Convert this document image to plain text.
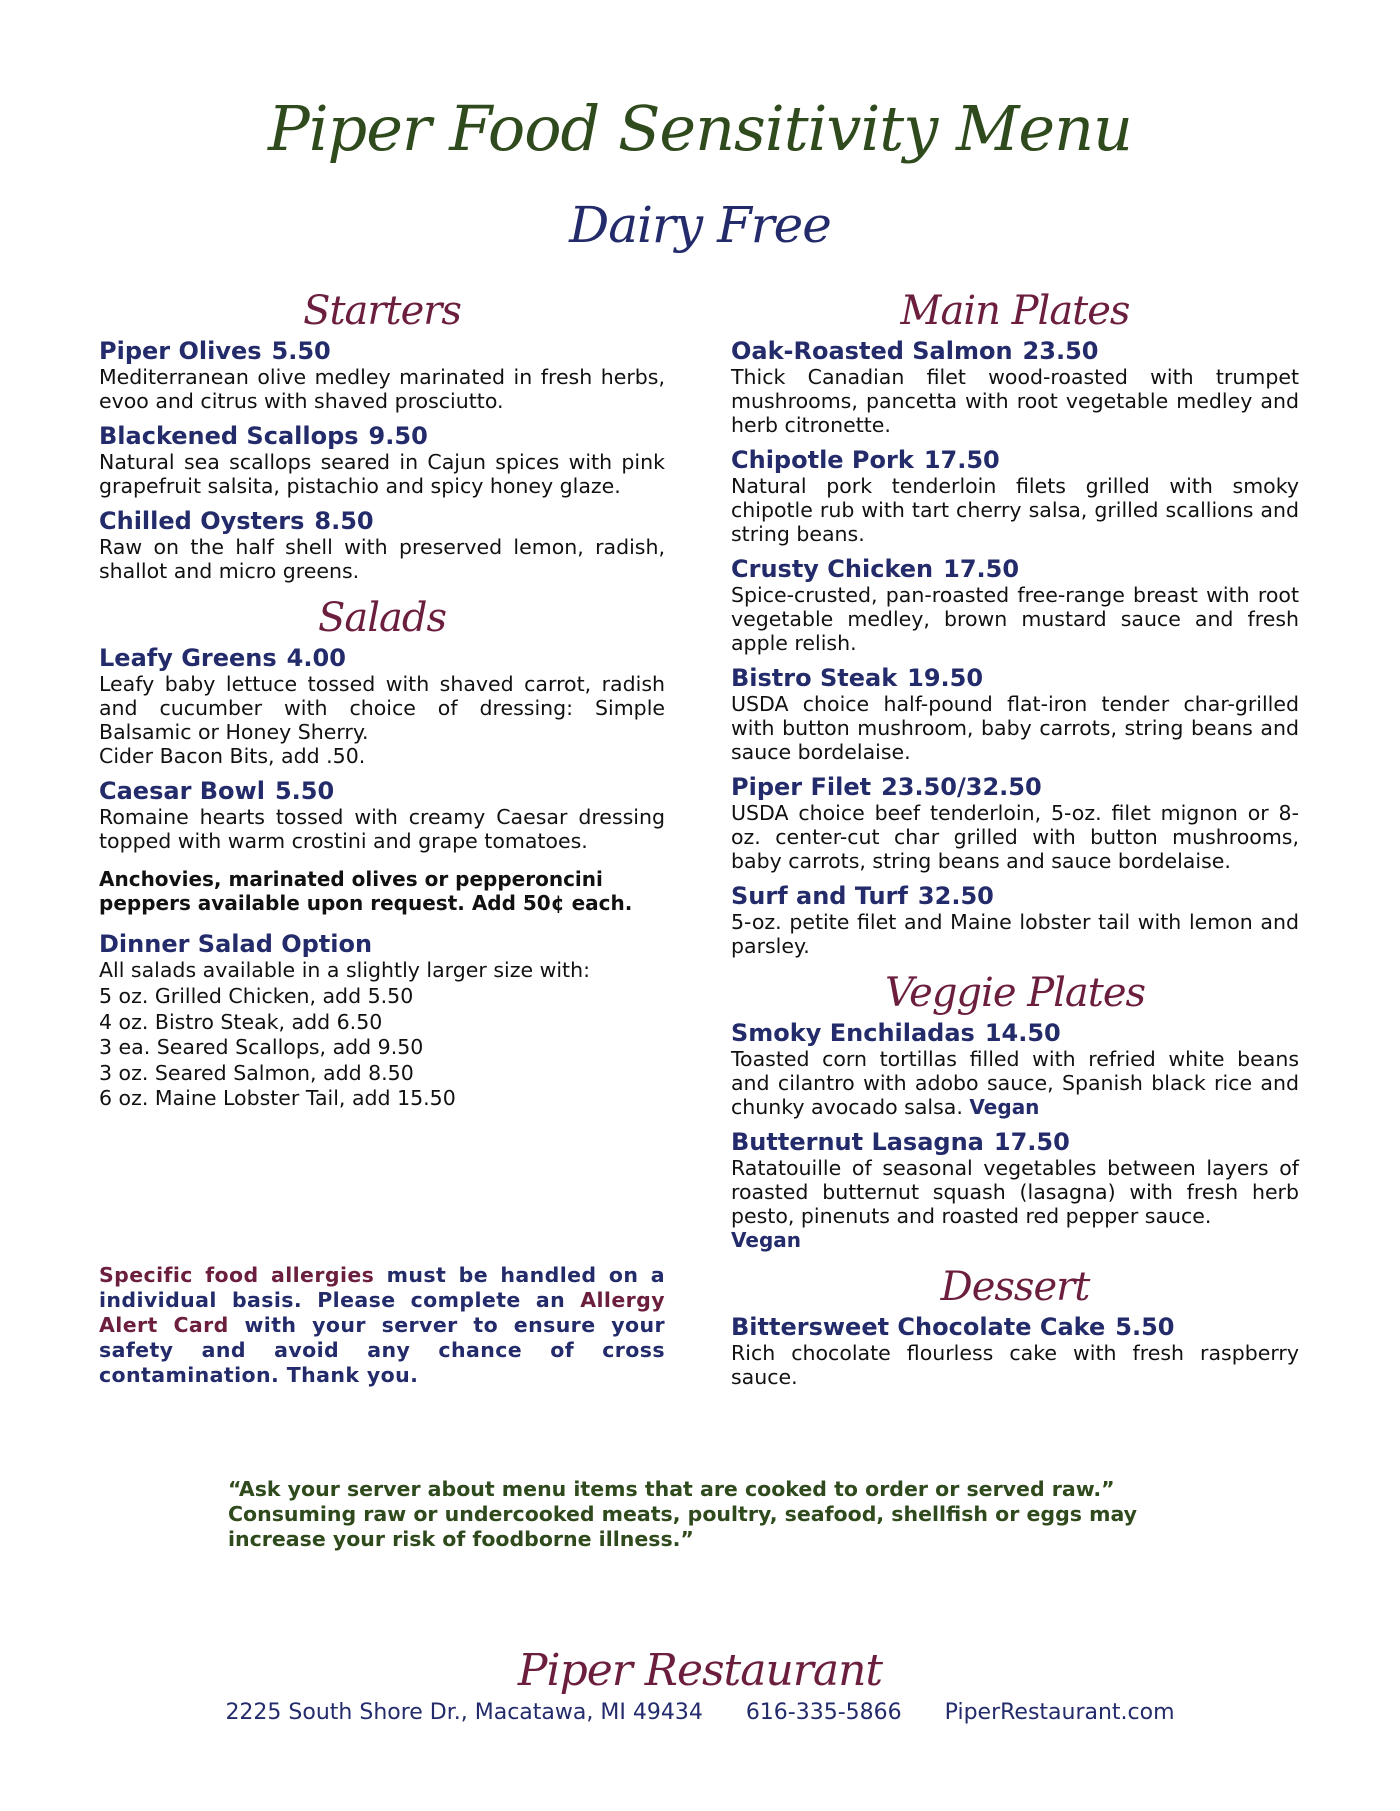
Piper Food Sensitivity Menu
Dairy Free
Starters
Piper Olives 5.50
Mediterranean olive medley marinated in fresh herbs, evoo and citrus with shaved prosciutto.
Blackened Scallops 9.50
Natural sea scallops seared in Cajun spices with pink grapefruit salsita, pistachio and spicy honey glaze.
Chilled Oysters 8.50
Raw on the half shell with preserved lemon, radish, shallot and micro greens.
Salads
Leafy Greens 4.00
Leafy baby lettuce tossed with shaved carrot, radish and cucumber with choice of dressing: Simple Balsamic or Honey Sherry.
Cider Bacon Bits, add .50.
Caesar Bowl 5.50
Romaine hearts tossed with creamy Caesar dressing topped with warm crostini and grape tomatoes.
Anchovies, marinated olives or pepperoncini peppers available upon request. Add 50¢ each.
Dinner Salad Option
All salads available in a slightly larger size with:
5 oz. Grilled Chicken, add 5.50
4 oz. Bistro Steak, add 6.50
3 ea. Seared Scallops, add 9.50
3 oz. Seared Salmon, add 8.50
6 oz. Maine Lobster Tail, add 15.50
Specific food allergies must be handled on a individual basis. Please complete an Allergy Alert Card with your server to ensure your safety and avoid any chance of cross contamination. Thank you.
Main Plates
Oak-Roasted Salmon 23.50
Thick Canadian filet wood-roasted with trumpet mushrooms, pancetta with root vegetable medley and herb citronette.
Chipotle Pork 17.50
Natural pork tenderloin filets grilled with smoky chipotle rub with tart cherry salsa, grilled scallions and string beans.
Crusty Chicken 17.50
Spice-crusted, pan-roasted free-range breast with root vegetable medley, brown mustard sauce and fresh apple relish.
Bistro Steak 19.50
USDA choice half-pound flat-iron tender char-grilled with button mushroom, baby carrots, string beans and sauce bordelaise.
Piper Filet 23.50/32.50
USDA choice beef tenderloin, 5-oz. filet mignon or 8-oz. center-cut char grilled with button mushrooms, baby carrots, string beans and sauce bordelaise.
Surf and Turf 32.50
5-oz. petite filet and Maine lobster tail with lemon and parsley.
Veggie Plates
Smoky Enchiladas 14.50
Toasted corn tortillas filled with refried white beans and cilantro with adobo sauce, Spanish black rice and chunky avocado salsa. Vegan
Butternut Lasagna 17.50
Ratatouille of seasonal vegetables between layers of roasted butternut squash (lasagna) with fresh herb pesto, pinenuts and roasted red pepper sauce.
Vegan
Dessert
Bittersweet Chocolate Cake 5.50
Rich chocolate flourless cake with fresh raspberry sauce.
“Ask your server about menu items that are cooked to order or served raw.”
Consuming raw or undercooked meats, poultry, seafood, shellfish or eggs may increase your risk of foodborne illness.”
Piper Restaurant
2225 South Shore Dr., Macatawa, MI 49434 616-335-5866 PiperRestaurant.com
